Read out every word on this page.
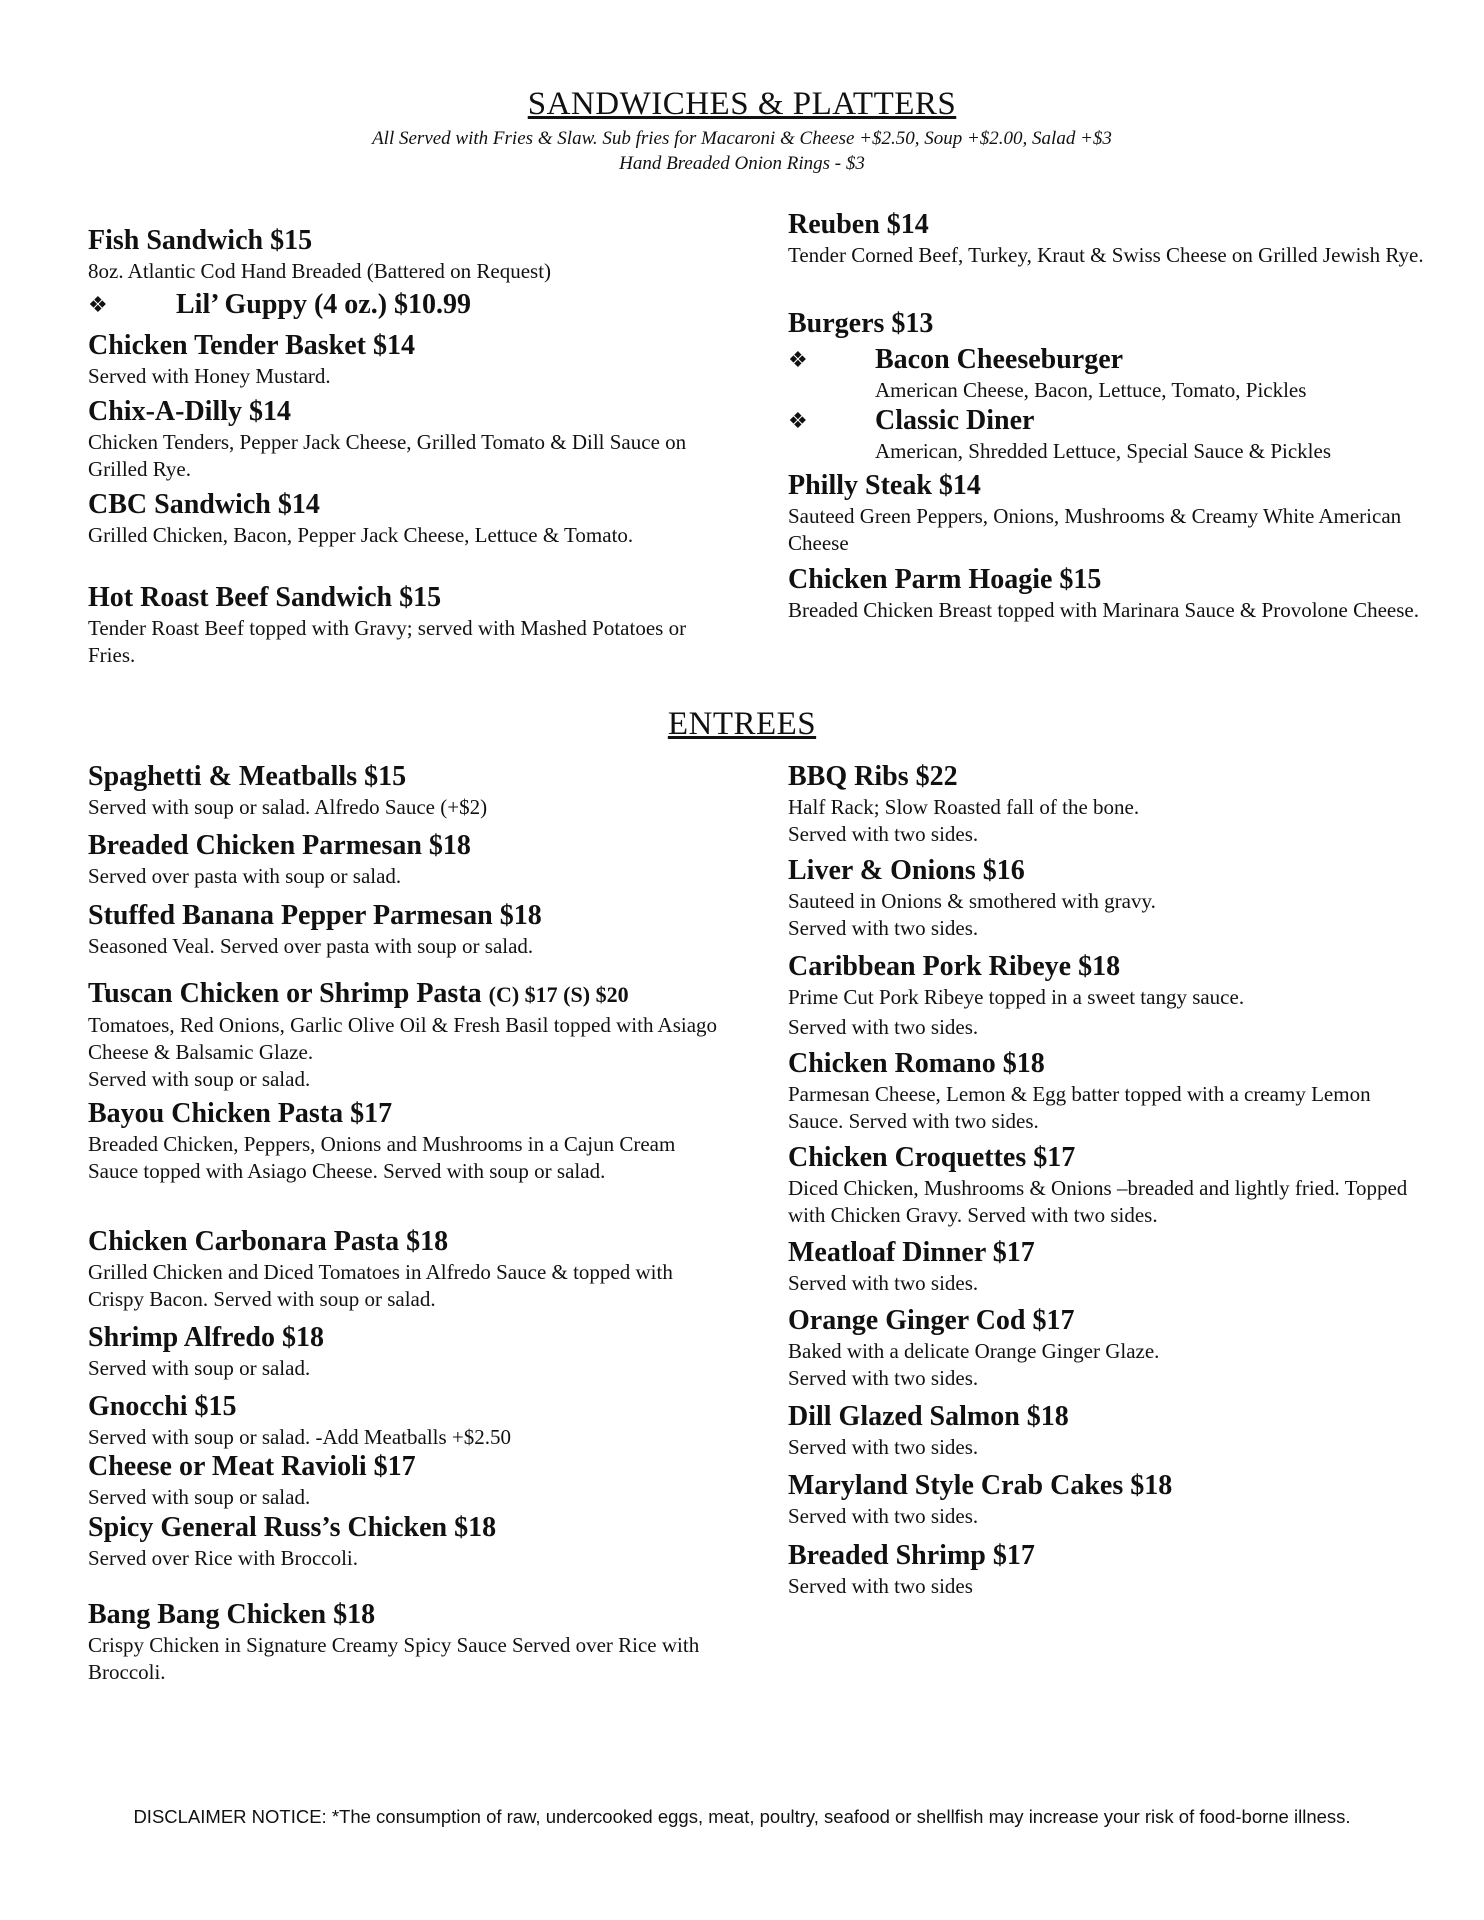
SANDWICHES & PLATTERS
All Served with Fries & Slaw. Sub fries for Macaroni & Cheese +$2.50, Soup +$2.00, Salad +$3
Hand Breaded Onion Rings - $3
Fish Sandwich $15
8oz. Atlantic Cod Hand Breaded (Battered on Request)
❖	Lil’ Guppy (4 oz.) $10.99
Chicken Tender Basket $14
Served with Honey Mustard.
Chix-A-Dilly $14
Chicken Tenders, Pepper Jack Cheese, Grilled Tomato & Dill Sauce on Grilled Rye.
CBC Sandwich $14
Grilled Chicken, Bacon, Pepper Jack Cheese, Lettuce & Tomato.
Hot Roast Beef Sandwich $15
Tender Roast Beef topped with Gravy; served with Mashed Potatoes or Fries.
Reuben $14
Tender Corned Beef, Turkey, Kraut & Swiss Cheese on Grilled Jewish Rye.
Burgers $13
❖	Bacon Cheeseburger
American Cheese, Bacon, Lettuce, Tomato, Pickles
❖	Classic Diner
American, Shredded Lettuce, Special Sauce & Pickles
Philly Steak $14
Sauteed Green Peppers, Onions, Mushrooms & Creamy White American Cheese
Chicken Parm Hoagie $15
Breaded Chicken Breast topped with Marinara Sauce & Provolone Cheese.
ENTREES
Spaghetti & Meatballs $15
Served with soup or salad. Alfredo Sauce (+$2)
Breaded Chicken Parmesan $18
Served over pasta with soup or salad.
Stuffed Banana Pepper Parmesan $18
Seasoned Veal. Served over pasta with soup or salad.
Tuscan Chicken or Shrimp Pasta (C) $17 (S) $20
Tomatoes, Red Onions, Garlic Olive Oil & Fresh Basil topped with Asiago Cheese & Balsamic Glaze.
Served with soup or salad.
Bayou Chicken Pasta $17
Breaded Chicken, Peppers, Onions and Mushrooms in a Cajun Cream Sauce topped with Asiago Cheese. Served with soup or salad.
Chicken Carbonara Pasta $18
Grilled Chicken and Diced Tomatoes in Alfredo Sauce & topped with Crispy Bacon. Served with soup or salad.
Shrimp Alfredo $18
Served with soup or salad.
Gnocchi $15
Served with soup or salad. -Add Meatballs +$2.50
Cheese or Meat Ravioli $17
Served with soup or salad.
Spicy General Russ’s Chicken $18
Served over Rice with Broccoli.
Bang Bang Chicken $18
Crispy Chicken in Signature Creamy Spicy Sauce Served over Rice with Broccoli.
BBQ Ribs $22
Half Rack; Slow Roasted fall of the bone.
Served with two sides.
Liver & Onions $16
Sauteed in Onions & smothered with gravy.
Served with two sides.
Caribbean Pork Ribeye $18
Prime Cut Pork Ribeye topped in a sweet tangy sauce.
Served with two sides.
Chicken Romano $18
Parmesan Cheese, Lemon & Egg batter topped with a creamy Lemon Sauce. Served with two sides.
Chicken Croquettes $17
Diced Chicken, Mushrooms & Onions –breaded and lightly fried. Topped with Chicken Gravy. Served with two sides.
Meatloaf Dinner $17
Served with two sides.
Orange Ginger Cod $17
Baked with a delicate Orange Ginger Glaze.
Served with two sides.
Dill Glazed Salmon $18
Served with two sides.
Maryland Style Crab Cakes $18
Served with two sides.
Breaded Shrimp $17
Served with two sides
DISCLAIMER NOTICE: *The consumption of raw, undercooked eggs, meat, poultry, seafood or shellfish may increase your risk of food-borne illness.
